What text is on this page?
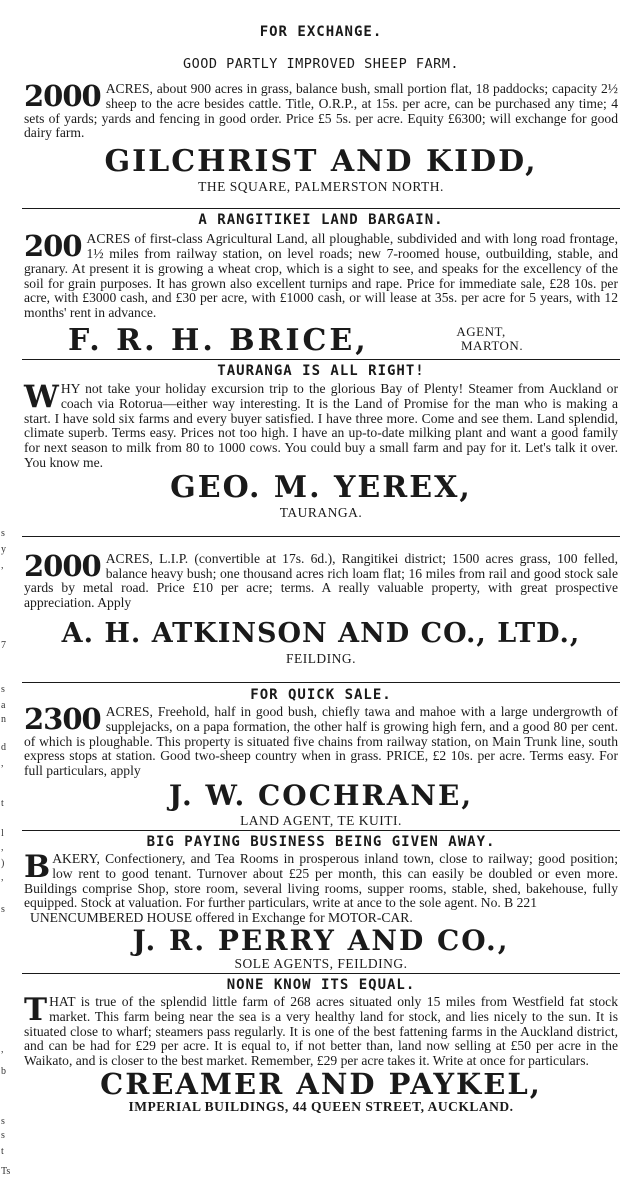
s
y
,
7
s
a
n
d
,
t
l
,
)
,
s
,
b
s
s
t
Ts
FOR EXCHANGE.
GOOD PARTLY IMPROVED SHEEP FARM.

2000 ACRES, about 900 acres in grass, balance bush, small portion flat, 18 paddocks; capacity 2½ sheep to the acre besides cattle. Title, O.R.P., at 15s. per acre, can be purchased any time; 4 sets of yards; yards and fencing in good order. Price £5 5s. per acre. Equity £6300; will exchange for good dairy farm.

GILCHRIST AND KIDD,
THE SQUARE, PALMERSTON NORTH.
A RANGITIKEI LAND BARGAIN.

200 ACRES of first-class Agricultural Land, all ploughable, subdivided and with long road frontage, 1½ miles from railway station, on level roads; new 7-roomed house, outbuilding, stable, and granary. At present it is growing a wheat crop, which is a sight to see, and speaks for the excellency of the soil for grain purposes. It has grown also excellent turnips and rape. Price for immediate sale, £28 10s. per acre, with £3000 cash, and £30 per acre, with £1000 cash, or will lease at 35s. per acre for 5 years, with 12 months' rent in advance.

F. R. H. BRICE,	AGENT,
MARTON.
TAURANGA IS ALL RIGHT!

W HY not take your holiday excursion trip to the glorious Bay of Plenty! Steamer from Auckland or coach via Rotorua—either way interesting. It is the Land of Promise for the man who is making a start. I have sold six farms and every buyer satisfied. I have three more. Come and see them. Land splendid, climate superb. Terms easy. Prices not too high. I have an up-to-date milking plant and want a good family for next season to milk from 80 to 1000 cows. You could buy a small farm and pay for it. Let's talk it over. You know me.

GEO. M. YEREX,
TAURANGA.

2000 ACRES, L.I.P. (convertible at 17s. 6d.), Rangitikei district; 1500 acres grass, 100 felled, balance heavy bush; one thousand acres rich loam flat; 16 miles from rail and good stock sale yards by metal road. Price £10 per acre; terms. A really valuable property, with great prospective appreciation. Apply

A. H. ATKINSON AND CO., LTD.,
FEILDING.
FOR QUICK SALE.

2300 ACRES, Freehold, half in good bush, chiefly tawa and mahoe with a large undergrowth of supplejacks, on a papa formation, the other half is growing high fern, and a good 80 per cent. of which is ploughable. This property is situated five chains from railway station, on Main Trunk line, south express stops at station. Good two-sheep country when in grass. PRICE, £2 10s. per acre. Terms easy. For full particulars, apply

J. W. COCHRANE,
LAND AGENT, TE KUITI.
BIG PAYING BUSINESS BEING GIVEN AWAY.

B AKERY, Confectionery, and Tea Rooms in prosperous inland town, close to railway; good position; low rent to good tenant. Turnover about £25 per month, this can easily be doubled or even more. Buildings comprise Shop, store room, several living rooms, supper rooms, stable, shed, bakehouse, fully equipped. Stock at valuation. For further particulars, write at ance to the sole agent. No. B 221

UNENCUMBERED HOUSE offered in Exchange for MOTOR-CAR.

J. R. PERRY AND CO.,
SOLE AGENTS, FEILDING.
NONE KNOW ITS EQUAL.

T HAT is true of the splendid little farm of 268 acres situated only 15 miles from Westfield fat stock market. This farm being near the sea is a very healthy land for stock, and lies nicely to the sun. It is situated close to wharf; steamers pass regularly. It is one of the best fattening farms in the Auckland district, and can be had for £29 per acre. It is equal to, if not better than, land now selling at £50 per acre in the Waikato, and is closer to the best market. Remember, £29 per acre takes it. Write at once for particulars.

CREAMER AND PAYKEL,
IMPERIAL BUILDINGS, 44 QUEEN STREET, AUCKLAND.
